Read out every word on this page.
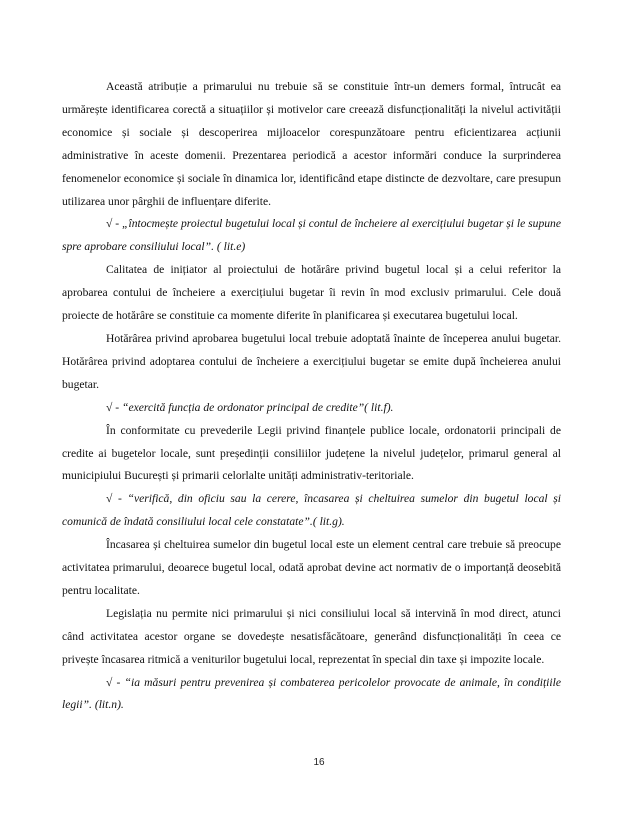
Această atribuție a primarului nu trebuie să se constituie într-un demers formal, întrucât ea urmărește identificarea corectă a situațiilor și motivelor care creează disfuncționalități la nivelul activității economice și sociale și descoperirea mijloacelor corespunzătoare pentru eficientizarea acțiunii administrative în aceste domenii. Prezentarea periodică a acestor informări conduce la surprinderea fenomenelor economice și sociale în dinamica lor, identificând etape distincte de dezvoltare, care presupun utilizarea unor pârghii de influențare diferite.

√ - „întocmește proiectul bugetului local și contul de încheiere al exercițiului bugetar și le supune spre aprobare consiliului local”. ( lit.e)

Calitatea de inițiator al proiectului de hotărâre privind bugetul local și a celui referitor la aprobarea contului de încheiere a exercițiului bugetar îi revin în mod exclusiv primarului. Cele două proiecte de hotărâre se constituie ca momente diferite în planificarea și executarea bugetului local.

Hotărârea privind aprobarea bugetului local trebuie adoptată înainte de începerea anului bugetar. Hotărârea privind adoptarea contului de încheiere a exercițiului bugetar se emite după încheierea anului bugetar.

√ - “exercită funcția de ordonator principal de credite”( lit.f).

În conformitate cu prevederile Legii privind finanțele publice locale, ordonatorii principali de credite ai bugetelor locale, sunt președinții consiliilor județene la nivelul județelor, primarul general al municipiului București și primarii celorlalte unități administrativ-teritoriale.

√ - “verifică, din oficiu sau la cerere, încasarea și cheltuirea sumelor din bugetul local și comunică de îndată consiliului local cele constatate”.( lit.g).

Încasarea și cheltuirea sumelor din bugetul local este un element central care trebuie să preocupe activitatea primarului, deoarece bugetul local, odată aprobat devine act normativ de o importanță deosebită pentru localitate.

Legislația nu permite nici primarului și nici consiliului local să intervină în mod direct, atunci când activitatea acestor organe se dovedește nesatisfăcătoare, generând disfuncționalități în ceea ce privește încasarea ritmică a veniturilor bugetului local, reprezentat în special din taxe și impozite locale.

√ - “ia măsuri pentru prevenirea și combaterea pericolelor provocate de animale, în condițiile legii”. (lit.n).

16
